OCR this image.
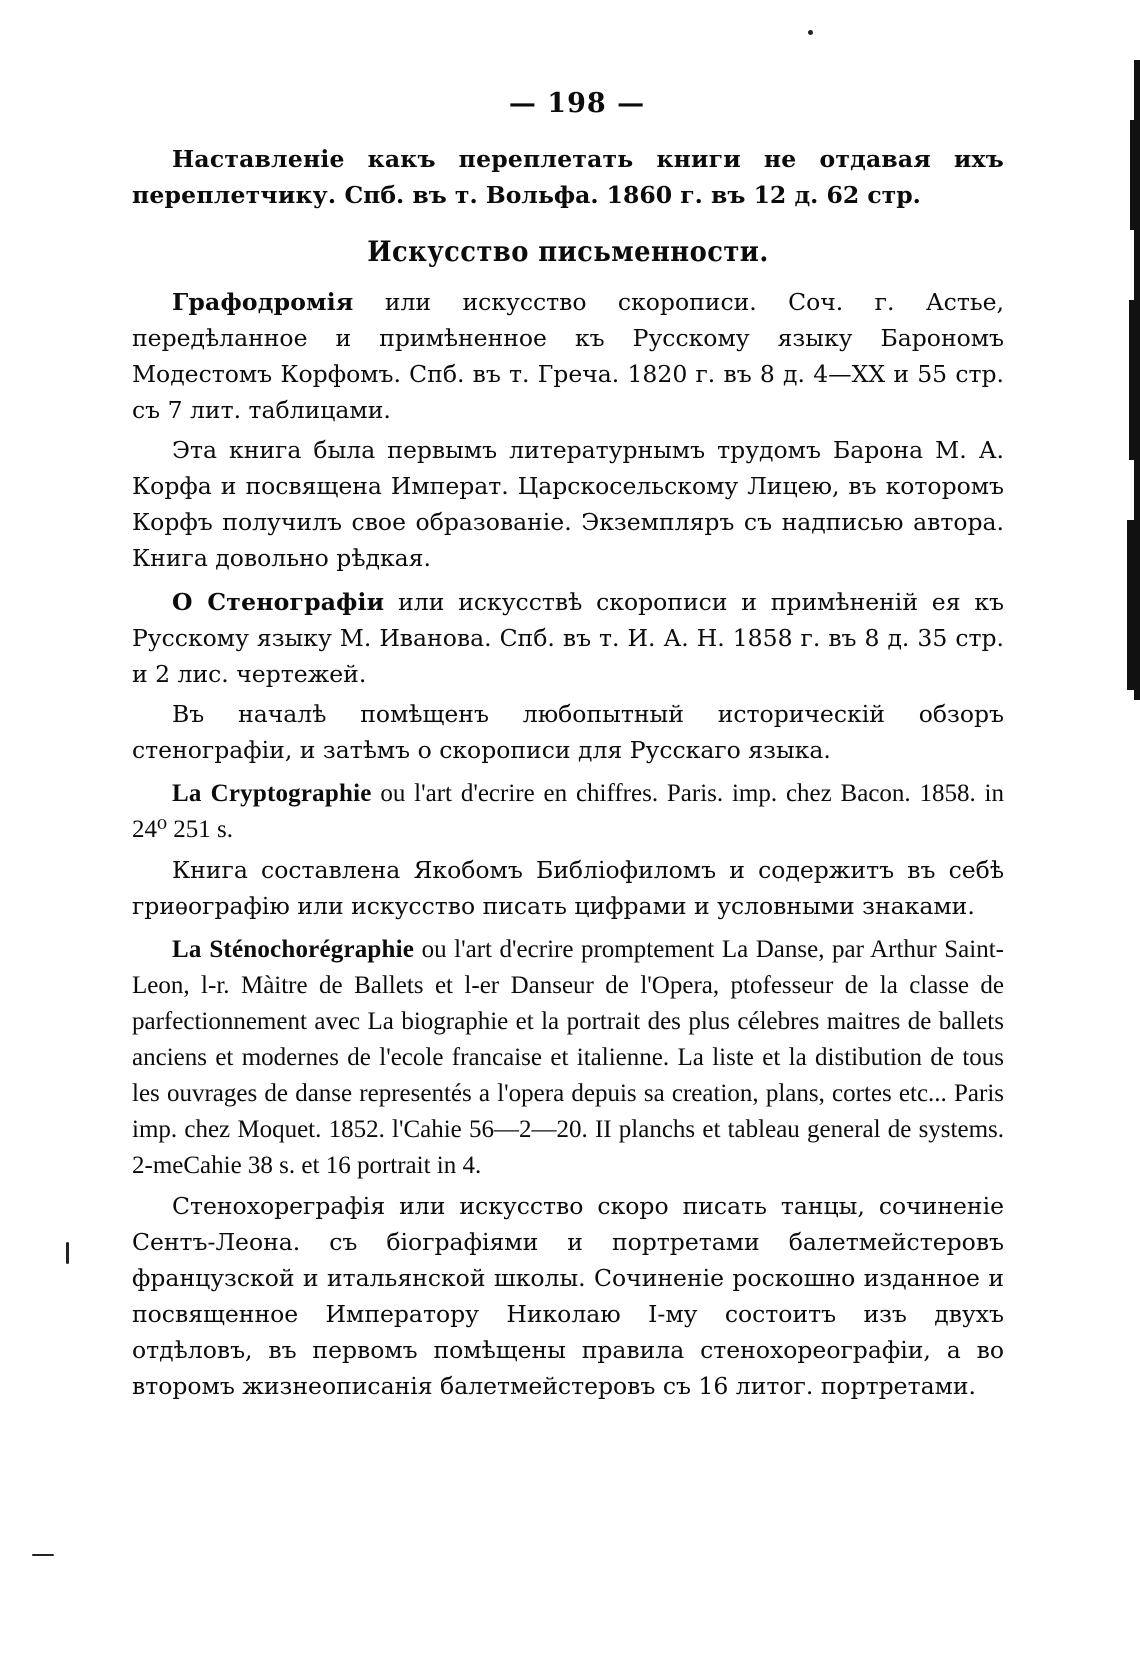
— 198 —

Наставленіе какъ переплетать книги не отдавая ихъ переплетчику. Спб. въ т. Вольфа. 1860 г. въ 12 д. 62 стр.

Искусство письменности.

Графодромія или искусство скорописи. Соч. г. Астье, передѣланное и примѣненное къ Русскому языку Барономъ Модестомъ Корфомъ. Спб. въ т. Греча. 1820 г. въ 8 д. 4—XX и 55 стр. съ 7 лит. таблицами.

Эта книга была первымъ литературнымъ трудомъ Барона М. А. Корфа и посвящена Императ. Царскосельскому Лицею, въ которомъ Корфъ получилъ свое образованіе. Экземпляръ съ надписью автора. Книга довольно рѣдкая.

О Стенографіи или искусствѣ скорописи и примѣненій ея къ Русскому языку М. Иванова. Спб. въ т. И. А. Н. 1858 г. въ 8 д. 35 стр. и 2 лис. чертежей.

Въ началѣ помѣщенъ любопытный историческій обзоръ стенографіи, и затѣмъ о скорописи для Русскаго языка.

La Cryptographie ou l'art d'ecrire en chiffres. Paris. imp. chez Bacon. 1858. in 24⁰ 251 s.

Книга составлена Якобомъ Библіофиломъ и содержитъ въ себѣ гриѳографію или искусство писать цифрами и условными знаками.

La Sténochorégraphie ou l'art d'ecrire promptement La Danse, par Arthur Saint-Leon, l-r. Màitre de Ballets et l-er Danseur de l'Opera, ptofesseur de la classe de parfectionnement avec La biographie et la portrait des plus célebres maitres de ballets anciens et modernes de l'ecole francaise et italienne. La liste et la distibution de tous les ouvrages de danse representés a l'opera depuis sa creation, plans, cortes etc... Paris imp. chez Moquet. 1852. l'Cahie 56—2—20. II planchs et tableau general de systems. 2-meCahie 38 s. et 16 portrait in 4.

Стенохореграфія или искусство скоро писать танцы, сочиненіе Сентъ-Леона. съ біографіями и портретами балетмейстеровъ французской и итальянской школы. Сочиненіе роскошно изданное и посвященное Императору Николаю I-му состоитъ изъ двухъ отдѣловъ, въ первомъ помѣщены правила стенохореографіи, а во второмъ жизнеописанія балетмейстеровъ съ 16 литог. портретами.
